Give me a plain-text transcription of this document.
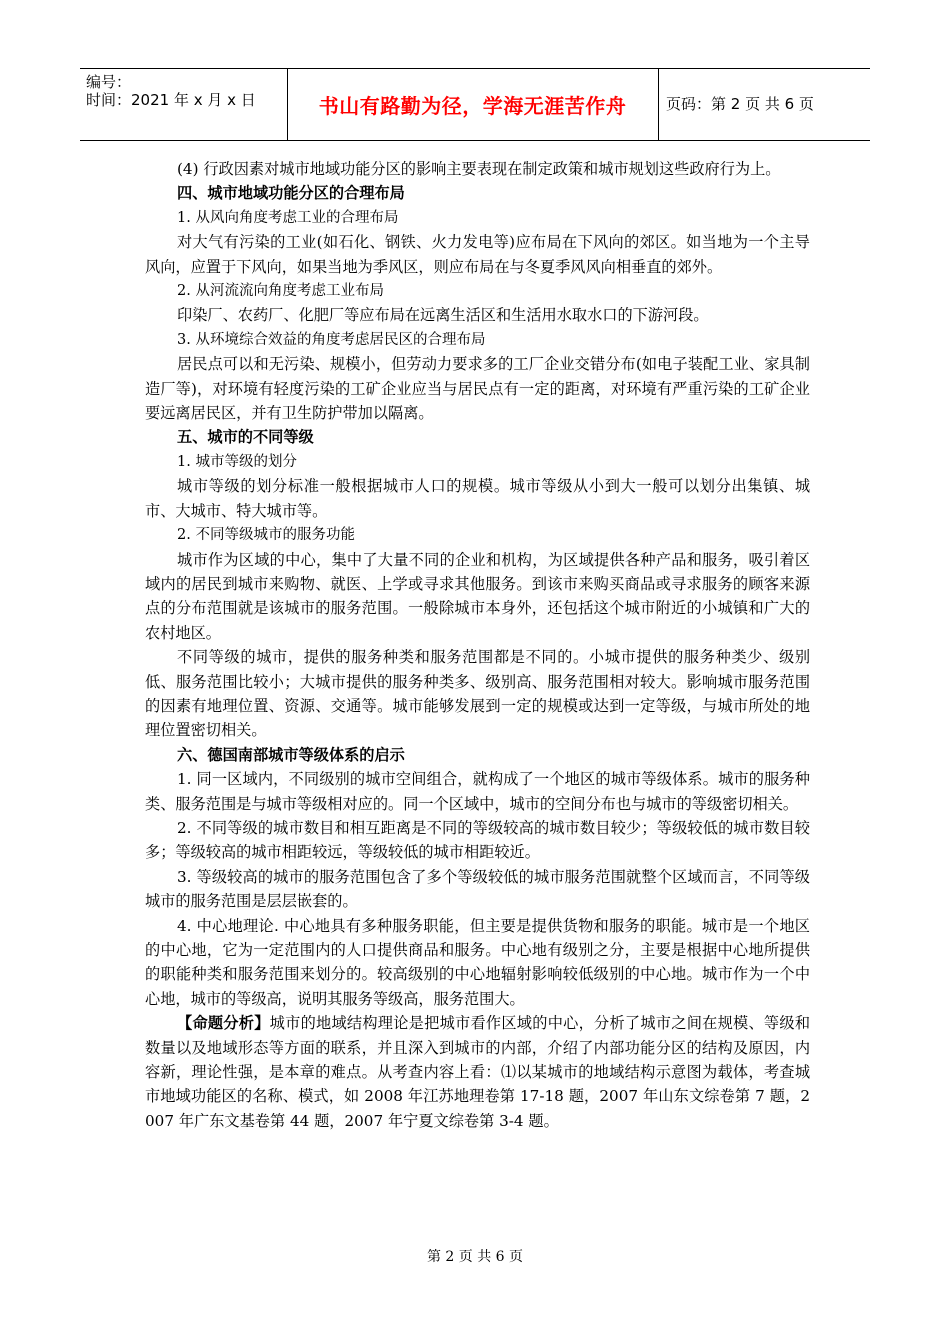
编号：
时间：2021 年 x 月 x 日	书山有路勤为径，学海无涯苦作舟	页码：第 2 页 共 6 页

(4) 行政因素对城市地域功能分区的影响主要表现在制定政策和城市规划这些政府行为上。

四、城市地域功能分区的合理布局

1. 从风向角度考虑工业的合理布局

对大气有污染的工业(如石化、钢铁、火力发电等)应布局在下风向的郊区。如当地为一个主导风向，应置于下风向，如果当地为季风区，则应布局在与冬夏季风风向相垂直的郊外。

2. 从河流流向角度考虑工业布局

印染厂、农药厂、化肥厂等应布局在远离生活区和生活用水取水口的下游河段。

3. 从环境综合效益的角度考虑居民区的合理布局

居民点可以和无污染、规模小，但劳动力要求多的工厂企业交错分布(如电子装配工业、家具制造厂等)，对环境有轻度污染的工矿企业应当与居民点有一定的距离，对环境有严重污染的工矿企业要远离居民区，并有卫生防护带加以隔离。

五、城市的不同等级

1. 城市等级的划分

城市等级的划分标准一般根据城市人口的规模。城市等级从小到大一般可以划分出集镇、城市、大城市、特大城市等。

2. 不同等级城市的服务功能

城市作为区域的中心，集中了大量不同的企业和机构，为区域提供各种产品和服务，吸引着区域内的居民到城市来购物、就医、上学或寻求其他服务。到该市来购买商品或寻求服务的顾客来源点的分布范围就是该城市的服务范围。一般除城市本身外，还包括这个城市附近的小城镇和广大的农村地区。

不同等级的城市，提供的服务种类和服务范围都是不同的。小城市提供的服务种类少、级别低、服务范围比较小；大城市提供的服务种类多、级别高、服务范围相对较大。影响城市服务范围的因素有地理位置、资源、交通等。城市能够发展到一定的规模或达到一定等级，与城市所处的地理位置密切相关。

六、德国南部城市等级体系的启示

1. 同一区域内，不同级别的城市空间组合，就构成了一个地区的城市等级体系。城市的服务种类、服务范围是与城市等级相对应的。同一个区域中，城市的空间分布也与城市的等级密切相关。

2. 不同等级的城市数目和相互距离是不同的等级较高的城市数目较少；等级较低的城市数目较多；等级较高的城市相距较远，等级较低的城市相距较近。

3. 等级较高的城市的服务范围包含了多个等级较低的城市服务范围就整个区域而言，不同等级城市的服务范围是层层嵌套的。

4. 中心地理论. 中心地具有多种服务职能，但主要是提供货物和服务的职能。城市是一个地区的中心地，它为一定范围内的人口提供商品和服务。中心地有级别之分，主要是根据中心地所提供的职能种类和服务范围来划分的。较高级别的中心地辐射影响较低级别的中心地。城市作为一个中心地，城市的等级高，说明其服务等级高，服务范围大。

【命题分析】城市的地域结构理论是把城市看作区域的中心，分析了城市之间在规模、等级和数量以及地域形态等方面的联系，并且深入到城市的内部，介绍了内部功能分区的结构及原因，内容新，理论性强，是本章的难点。从考查内容上看：⑴以某城市的地域结构示意图为载体，考查城市地域功能区的名称、模式，如 2008 年江苏地理卷第 17-18 题，2007 年山东文综卷第 7 题，2007 年广东文基卷第 44 题，2007 年宁夏文综卷第 3-4 题。

第 2 页 共 6 页
